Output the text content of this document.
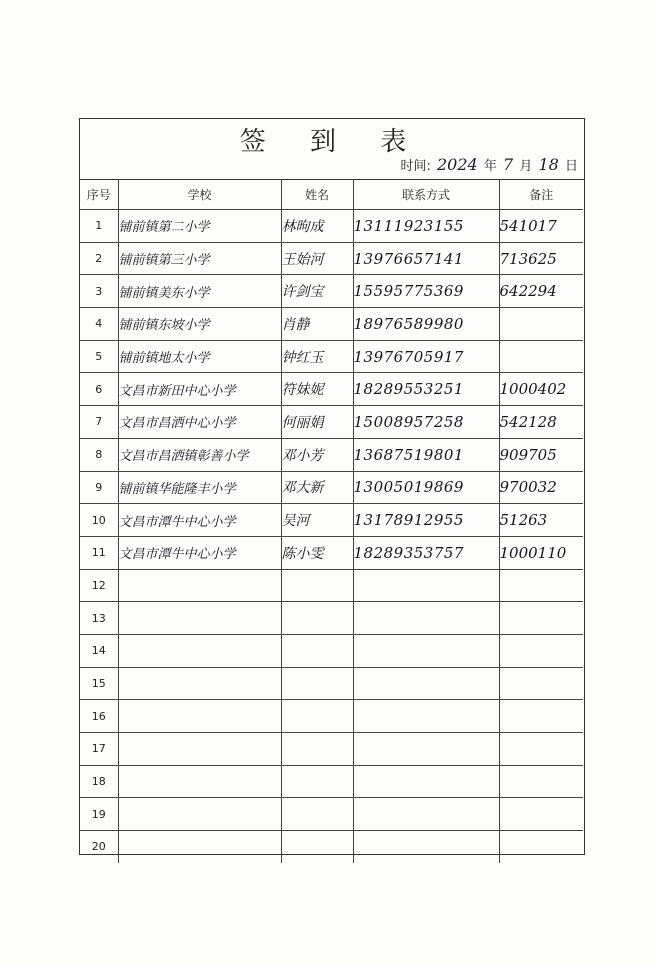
签 到 表
时间: 2024 年 7 月 18 日
序号	学校	姓名	联系方式	备注
1	铺前镇第二小学	林昫成	13111923155	541017
2	铺前镇第三小学	王始河	13976657141	713625
3	铺前镇美东小学	许剑宝	15595775369	642294
4	铺前镇东坡小学	肖静	18976589980	
5	铺前镇地太小学	钟红玉	13976705917	
6	文昌市新田中心小学	符妹妮	18289553251	1000402
7	文昌市昌洒中心小学	何丽娟	15008957258	542128
8	文昌市昌洒镇彰善小学	邓小芳	13687519801	909705
9	铺前镇华能隆丰小学	邓大新	13005019869	970032
10	文昌市潭牛中心小学	吴河	13178912955	51263
11	文昌市潭牛中心小学	陈小雯	18289353757	1000110
12				
13				
14				
15				
16				
17				
18				
19				
20				
